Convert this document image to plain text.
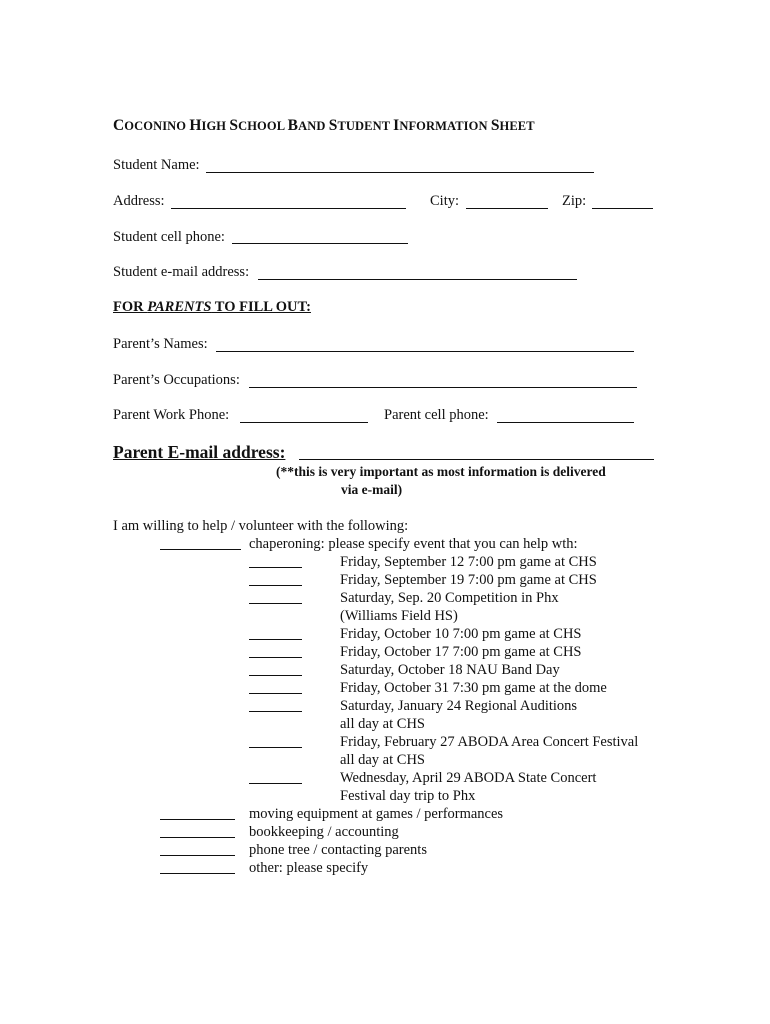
COCONINO HIGH SCHOOL BAND STUDENT INFORMATION SHEET
Student Name:
Address:	City:	Zip:
Student cell phone:
Student e-mail address:
FOR PARENTS TO FILL OUT:
Parent’s Names:
Parent’s Occupations:
Parent Work Phone:	Parent cell phone:
Parent E-mail address:
(**this is very important as most information is delivered
via e-mail)
I am willing to help / volunteer with the following:
chaperoning: please specify event that you can help wth:
Friday, September 12 7:00 pm game at CHS
Friday, September 19 7:00 pm game at CHS
Saturday, Sep. 20 Competition in Phx
(Williams Field HS)
Friday, October 10 7:00 pm game at CHS
Friday, October 17 7:00 pm game at CHS
Saturday, October 18 NAU Band Day
Friday, October 31 7:30 pm game at the dome
Saturday, January 24 Regional Auditions
all day at CHS
Friday, February 27 ABODA Area Concert Festival
all day at CHS
Wednesday, April 29 ABODA State Concert
Festival day trip to Phx
moving equipment at games / performances
bookkeeping / accounting
phone tree / contacting parents
other: please specify
